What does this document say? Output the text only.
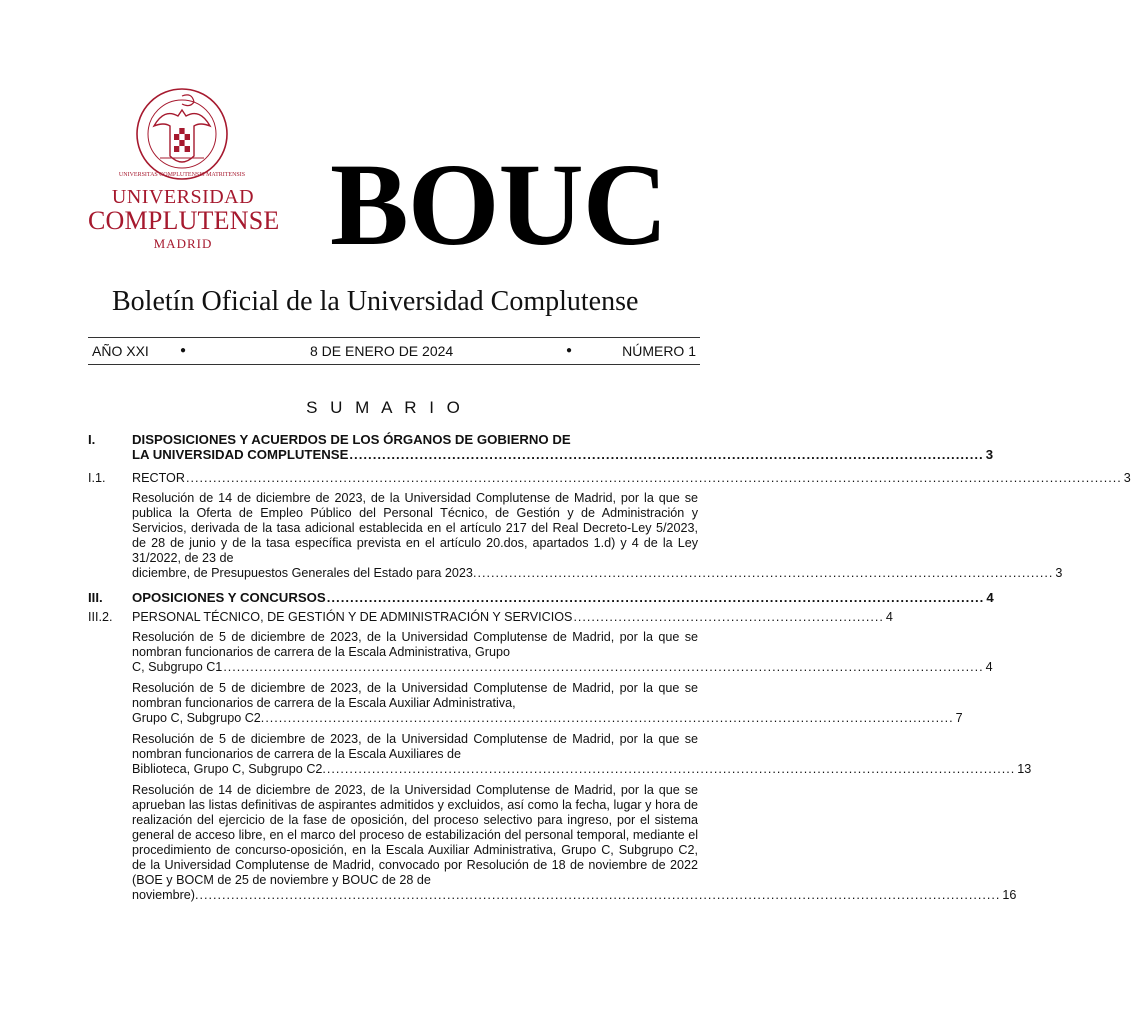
UNIVERSITAS COMPLUTENSIS MATRITENSIS
UNIVERSIDAD
COMPLUTENSE
MADRID BOUC
Boletín Oficial de la Universidad Complutense
AÑO XXI	●	8 DE ENERO DE 2024	●	NÚMERO 1
S U M A R I O
I.	DISPOSICIONES Y ACUERDOS DE LOS ÓRGANOS DE GOBIERNO DE
LA UNIVERSIDAD COMPLUTENSE ........................................................................................................................................ 3
I.1. RECTOR ................................................................................................................................................................................................................ 3
Resolución de 14 de diciembre de 2023, de la Universidad Complutense de Madrid, por la que se publica la Oferta de Empleo Público del Personal Técnico, de Gestión y de Administración y Servicios, derivada de la tasa adicional establecida en el artículo 217 del Real Decreto-Ley 5/2023, de 28 de junio y de la tasa específica prevista en el artículo 20.dos, apartados 1.d) y 4 de la Ley 31/2022, de 23 de
diciembre, de Presupuestos Generales del Estado para 2023. ................................................................................................................................ 3
III. OPOSICIONES Y CONCURSOS ............................................................................................................................................. 4
III.2. PERSONAL TÉCNICO, DE GESTIÓN Y DE ADMINISTRACIÓN Y SERVICIOS ..................................................................... 4
Resolución de 5 de diciembre de 2023, de la Universidad Complutense de Madrid, por la que se nombran funcionarios de carrera de la Escala Administrativa, Grupo
C, Subgrupo C1 ......................................................................................................................................................................... 4
Resolución de 5 de diciembre de 2023, de la Universidad Complutense de Madrid, por la que se nombran funcionarios de carrera de la Escala Auxiliar Administrativa,
Grupo C, Subgrupo C2. ......................................................................................................................................................... 7
Resolución de 5 de diciembre de 2023, de la Universidad Complutense de Madrid, por la que se nombran funcionarios de carrera de la Escala Auxiliares de
Biblioteca, Grupo C, Subgrupo C2. ......................................................................................................................................................... 13
Resolución de 14 de diciembre de 2023, de la Universidad Complutense de Madrid, por la que se aprueban las listas definitivas de aspirantes admitidos y excluidos, así como la fecha, lugar y hora de realización del ejercicio de la fase de oposición, del proceso selectivo para ingreso, por el sistema general de acceso libre, en el marco del proceso de estabilización del personal temporal, mediante el procedimiento de concurso-oposición, en la Escala Auxiliar Administrativa, Grupo C, Subgrupo C2, de la Universidad Complutense de Madrid, convocado por Resolución de 18 de noviembre de 2022 (BOE y BOCM de 25 de noviembre y BOUC de 28 de
noviembre). .................................................................................................................................................................................. 16
